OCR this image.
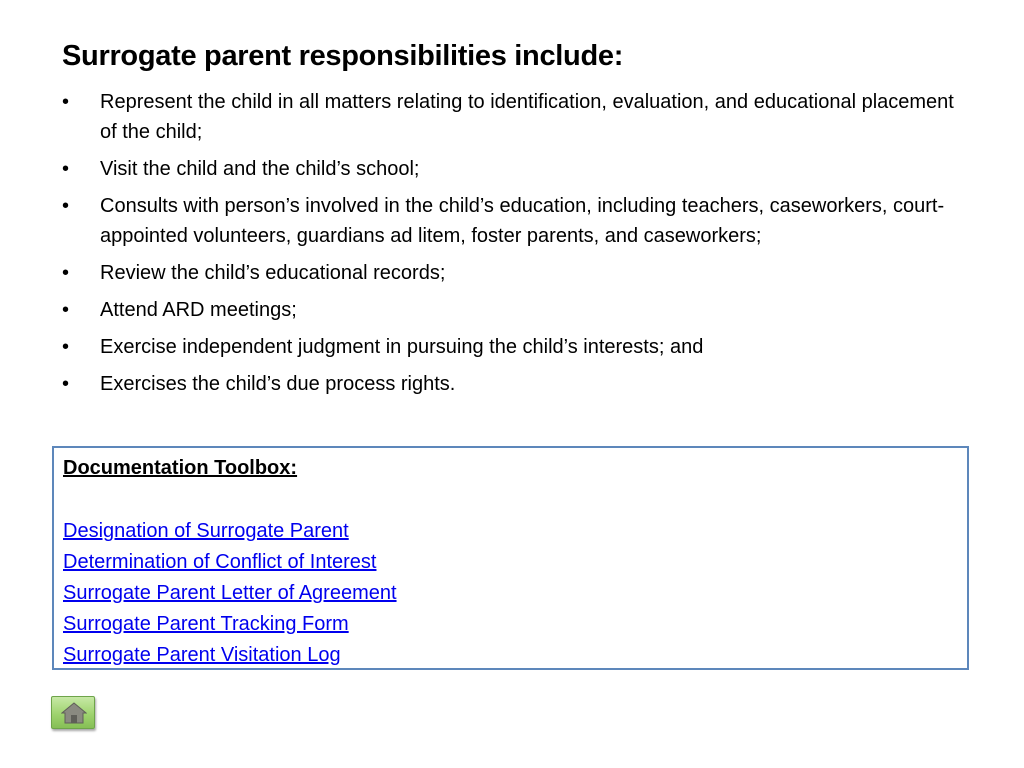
Surrogate parent responsibilities include:
• Represent the child in all matters relating to identification, evaluation, and educational placement of the child;
• Visit the child and the child’s school;
• Consults with person’s involved in the child’s education, including teachers, caseworkers, court-appointed volunteers, guardians ad litem, foster parents, and caseworkers;
• Review the child’s educational records;
• Attend ARD meetings;
• Exercise independent judgment in pursuing the child’s interests; and
• Exercises the child’s due process rights.
Documentation Toolbox:
Designation of Surrogate Parent
Determination of Conflict of Interest
Surrogate Parent Letter of Agreement
Surrogate Parent Tracking Form
Surrogate Parent Visitation Log
